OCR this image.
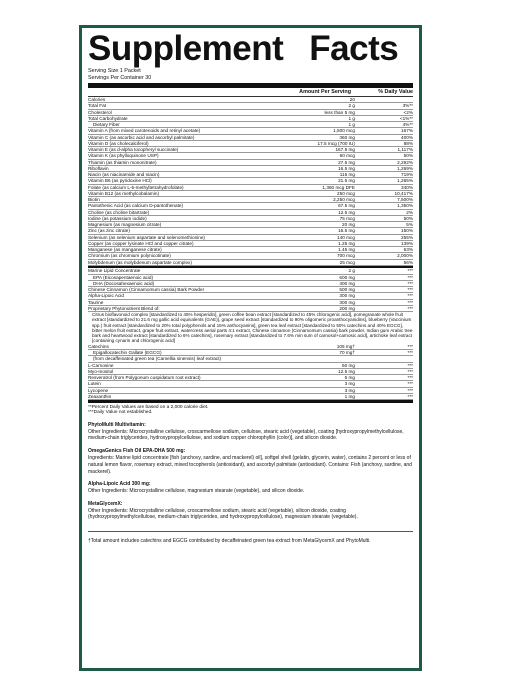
Supplement Facts
Serving Size 1 Packet
Servings Per Container 30
Amount Per Serving	% Daily Value
Calories	20
Total Fat	2 g	3%**
Cholesterol	less than 5 mg	<2%
Total Carbohydrate	1 g	<1%**
Dietary Fiber	1 g	4%**
Vitamin A (from mixed carotenoids and retinyl acetate)	1,500 mcg	167%
Vitamin C (as ascorbic acid and ascorbyl palmitate)	360 mg	400%
Vitamin D (as cholecalciferol)	17.5 mcg (700 IU)	88%
Vitamin E (as d-alpha tocopheryl succinate)	167.5 mg	1,117%
Vitamin K (as phylloquinone USP)	60 mcg	50%
Thiamin (as thiamin mononitrate)	27.5 mg	2,292%
Riboflavin	16.5 mg	1,269%
Niacin (as niacinamide and niacin)	115 mg	719%
Vitamin B6 (as pyridoxine HCl)	21.5 mg	1,265%
Folate (as calcium L-5-methyltetrahydrofolate)	1,360 mcg DFE	340%
Vitamin B12 (as methylcobalamin)	250 mcg	10,417%
Biotin	2,250 mcg	7,500%
Pantothenic Acid (as calcium D-pantothenate)	67.5 mg	1,350%
Choline (as choline bitartrate)	12.5 mg	2%
Iodine (as potassium iodide)	75 mcg	50%
Magnesium (as magnesium citrate)	20 mg	5%
Zinc (as zinc citrate)	16.5 mg	150%
Selenium (as selenium aspartate and selenomethionine)	140 mcg	255%
Copper (as copper lysinate HCl and copper citrate)	1.25 mg	139%
Manganese (as manganese citrate)	1.45 mg	63%
Chromium (as chromium polynicotinate)	700 mcg	2,000%
Molybdenum (as molybdenum aspartate complex)	25 mcg	56%
Marine Lipid Concentrate	2 g	***
EPA (Eicosapentaenoic acid)	600 mg	***
DHA (Docosahexaenoic acid)	400 mg	***
Chinese Cinnamon (Cinnamomum cassia) Bark Powder	500 mg	***
Alpha-Lipoic Acid	300 mg	***
Taurine	300 mg	***
Proprietary Phytonutrient Blend of:	200 mg	***
Citrus bioflavonoid complex [standardized to 45% hesperidin], green coffee bean extract [standardized to 45% chlorogenic acid], pomegranate whole fruit extract [standardized to 21.6 mg gallic acid equivalents (GAE)], grape seed extract [standardized to 90% oligomeric proanthocyanidins], blueberry (Vaccinium spp.) fruit extract [standardized to 20% total polyphenols and 15% anthocyanins], green tea leaf extract [standardized to 50% catechins and 40% EGCG], bitter melon fruit extract, grape fruit extract, watercress aerial parts 4:1 extract, Chinese cinnamon (Cinnamomum cassia) bark powder, Indian gum Arabic tree bark and heartwood extract [standardized to 6% catechins], rosemary extract [standardized to 7.6% min sum of carnosol+carnosic acid], artichoke leaf extract [containing cynarin and chlorogenic acid]
Catechins	105 mg†	***
Epigallocatechin Gallate (EGCG)	70 mg†	***
(from decaffeinated green tea (Camellia sinensis) leaf extract)
L-Carnosine	50 mg	***
Myo-Inositol	12.5 mg	***
Resveratrol (from Polygonum cuspidatum root extract)	5 mg	***
Lutein	3 mg	***
Lycopene	3 mg	***
Zeaxanthin	1 mg	***
**Percent Daily Values are based on a 2,000 calorie diet.
***Daily Value not established.
PhytoMulti Multivitamin:
Other Ingredients: Microcrystalline cellulose, croscarmellose sodium, cellulose, stearic acid (vegetable), coating [hydroxypropylmethylcellulose, medium-chain triglycerides, hydroxypropylcellulose, and sodium copper chlorophyllin (color)], and silicon dioxide.
OmegaGenics Fish Oil EPA-DHA 500 mg:
Ingredients: Marine lipid concentrate [fish (anchovy, sardine, and mackerel) oil], softgel shell (gelatin, glycerin, water), contains 2 percent or less of natural lemon flavor, rosemary extract, mixed tocopherols (antioxidant), and ascorbyl palmitate (antioxidant). Contains: Fish (anchovy, sardine, and mackerel).
Alpha-Lipoic Acid 300 mg:
Other Ingredients: Microcrystalline cellulose, magnesium stearate (vegetable), and silicon dioxide.
MetaGlycemX:
Other Ingredients: Microcrystalline cellulose, croscarmellose sodium, stearic acid (vegetable), silicon dioxide, coating (hydroxypropylmethylcellulose, medium-chain triglycerides, and hydroxypropylcellulose), magnesium stearate (vegetable).
†Total amount includes catechins and EGCG contributed by decaffeinated green tea extract from MetaGlycemX and PhytoMulti.
